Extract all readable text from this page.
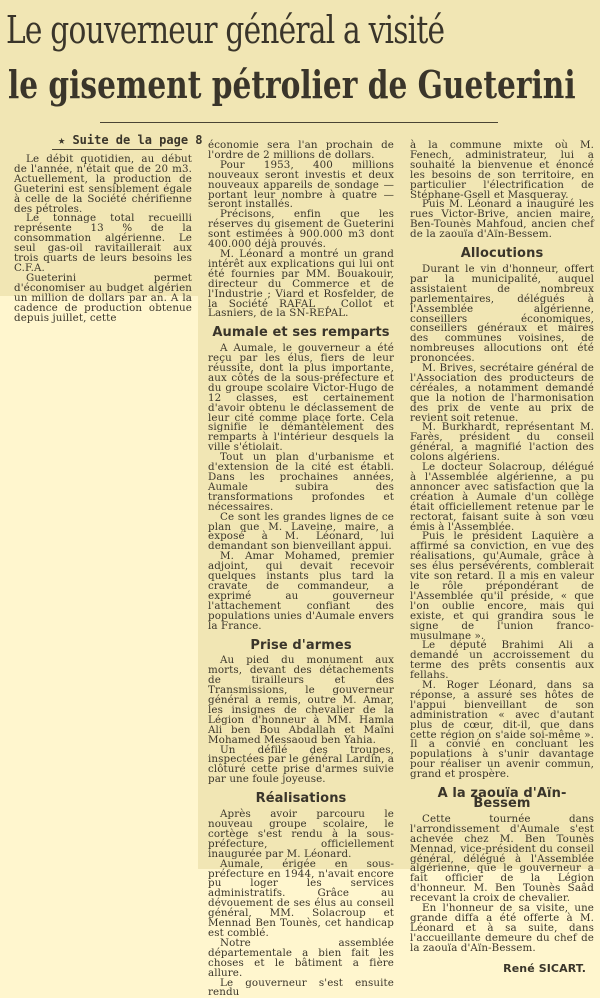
Le gouverneur général a visité
le gisement pétrolier de Gueterini
★ Suite de la page 8

Le débit quotidien, au début de l'année, n'était que de 20 m3. Actuellement, la production de Gueterini est sensiblement égale à celle de la Société chérifienne des pétroles.

Le tonnage total recueilli représente 13 % de la consommation algérienne. Le seul gas-oil ravitaillerait aux trois quarts de leurs besoins les C.F.A.

Gueterini permet d'économiser au budget algérien un million de dollars par an. A la cadence de production obtenue depuis juillet, cette

économie sera l'an prochain de l'ordre de 2 millions de dollars.

Pour 1953, 400 millions nouveaux seront investis et deux nouveaux appareils de sondage — portant leur nombre à quatre — seront installés.

Précisons, enfin que les réserves du gisement de Gueterini sont estimées à 900.000 m3 dont 400.000 déjà prouvés.

M. Léonard a montré un grand intérêt aux explications qui lui ont été fournies par MM. Bouakouir, directeur du Commerce et de l'Industrie ; Viard et Rosfelder, de la Société RAFAL , Collot et Lasniers, de la SN-REPAL.

Aumale et ses remparts

A Aumale, le gouverneur a été reçu par les élus, fiers de leur réussite, dont la plus importante, aux côtés de la sous-préfecture et du groupe scolaire Victor-Hugo de 12 classes, est certainement d'avoir obtenu le déclassement de leur cité comme place forte. Cela signifie le démantèlement des remparts à l'intérieur desquels la ville s'étiolait.

Tout un plan d'urbanisme et d'extension de la cité est établi. Dans les prochaines années, Aumale subira des transformations profondes et nécessaires.

Ce sont les grandes lignes de ce plan que M. Laveine, maire, a exposé à M. Léonard, lui demandant son bienveillant appui.

M. Amar Mohamed, premier adjoint, qui devait recevoir quelques instants plus tard la cravate de commandeur, a exprimé au gouverneur l'attachement confiant des populations unies d'Aumale envers la France.

Prise d'armes

Au pied du monument aux morts, devant des détachements de tirailleurs et des Transmissions, le gouverneur général a remis, outre M. Amar, les insignes de chevalier de la Légion d'honneur à MM. Hamla Ali ben Bou Abdallah et Maïni Mohamed Messaoud ben Yahia.

Un défilé des troupes, inspectées par le général Lardin, a clôturé cette prise d'armes suivie par une foule joyeuse.

Réalisations

Après avoir parcouru le nouveau groupe scolaire, le cortège s'est rendu à la sous-préfecture, officiellement inaugurée par M. Léonard.

Aumale, érigée en sous-préfecture en 1944, n'avait encore pu loger les services administratifs. Grâce au dévouement de ses élus au conseil général, MM. Solacroup et Mennad Ben Tounès, cet handicap est comblé.

Notre assemblée départementale a bien fait les choses et le bâtiment a fière allure.

Le gouverneur s'est ensuite rendu

à la commune mixte où M. Fenech, administrateur, lui a souhaité la bienvenue et énoncé les besoins de son territoire, en particulier l'électrification de Stéphane-Gsell et Masqueray.

Puis M. Léonard a inauguré les rues Victor-Brive, ancien maire, Ben-Tounès Mahfoud, ancien chef de la zaouïa d'Aïn-Bessem.

Allocutions

Durant le vin d'honneur, offert par la municipalité, auquel assistaient de nombreux parlementaires, délégués à l'Assemblée algérienne, conseillers économiques, conseillers généraux et maires des communes voisines, de nombreuses allocutions ont été prononcées.

M. Brives, secrétaire général de l'Association des producteurs de céréales, a notamment demandé que la notion de l'harmonisation des prix de vente au prix de revient soit retenue.

M. Burkhardt, représentant M. Farès, président du conseil général, a magnifié l'action des colons algériens.

Le docteur Solacroup, délégué à l'Assemblée algérienne, a pu annoncer avec satisfaction que la création à Aumale d'un collège était officiellement retenue par le rectorat, faisant suite à son vœu émis à l'Assemblée.

Puis le président Laquière a affirmé sa conviction, en vue des réalisations, qu'Aumale, grâce à ses élus persévérents, comblerait vite son retard. Il a mis en valeur le rôle prépondérant de l'Assemblée qu'il préside, « que l'on oublie encore, mais qui existe, et qui grandira sous le signe de l'union franco-musulmane ».

Le député Brahimi Ali a demandé un accroissement du terme des prêts consentis aux fellahs.

M. Roger Léonard, dans sa réponse, a assuré ses hôtes de l'appui bienveillant de son administration « avec d'autant plus de cœur, dit-il, que dans cette région on s'aide soi-même ». Il a convié en concluant les populations à s'unir davantage pour réaliser un avenir commun, grand et prospère.

A la zaouïa d'Aïn-Bessem

Cette tournée dans l'arrondissement d'Aumale s'est achevée chez M. Ben Tounès Mennad, vice-président du conseil général, délégué à l'Assemblée algérienne, que le gouverneur a fait officier de la Légion d'honneur. M. Ben Tounès Saâd recevant la croix de chevalier.

En l'honneur de sa visite, une grande diffa a été offerte à M. Léonard et à sa suite, dans l'accueillante demeure du chef de la zaouïa d'Aïn-Bessem.

René SICART.
